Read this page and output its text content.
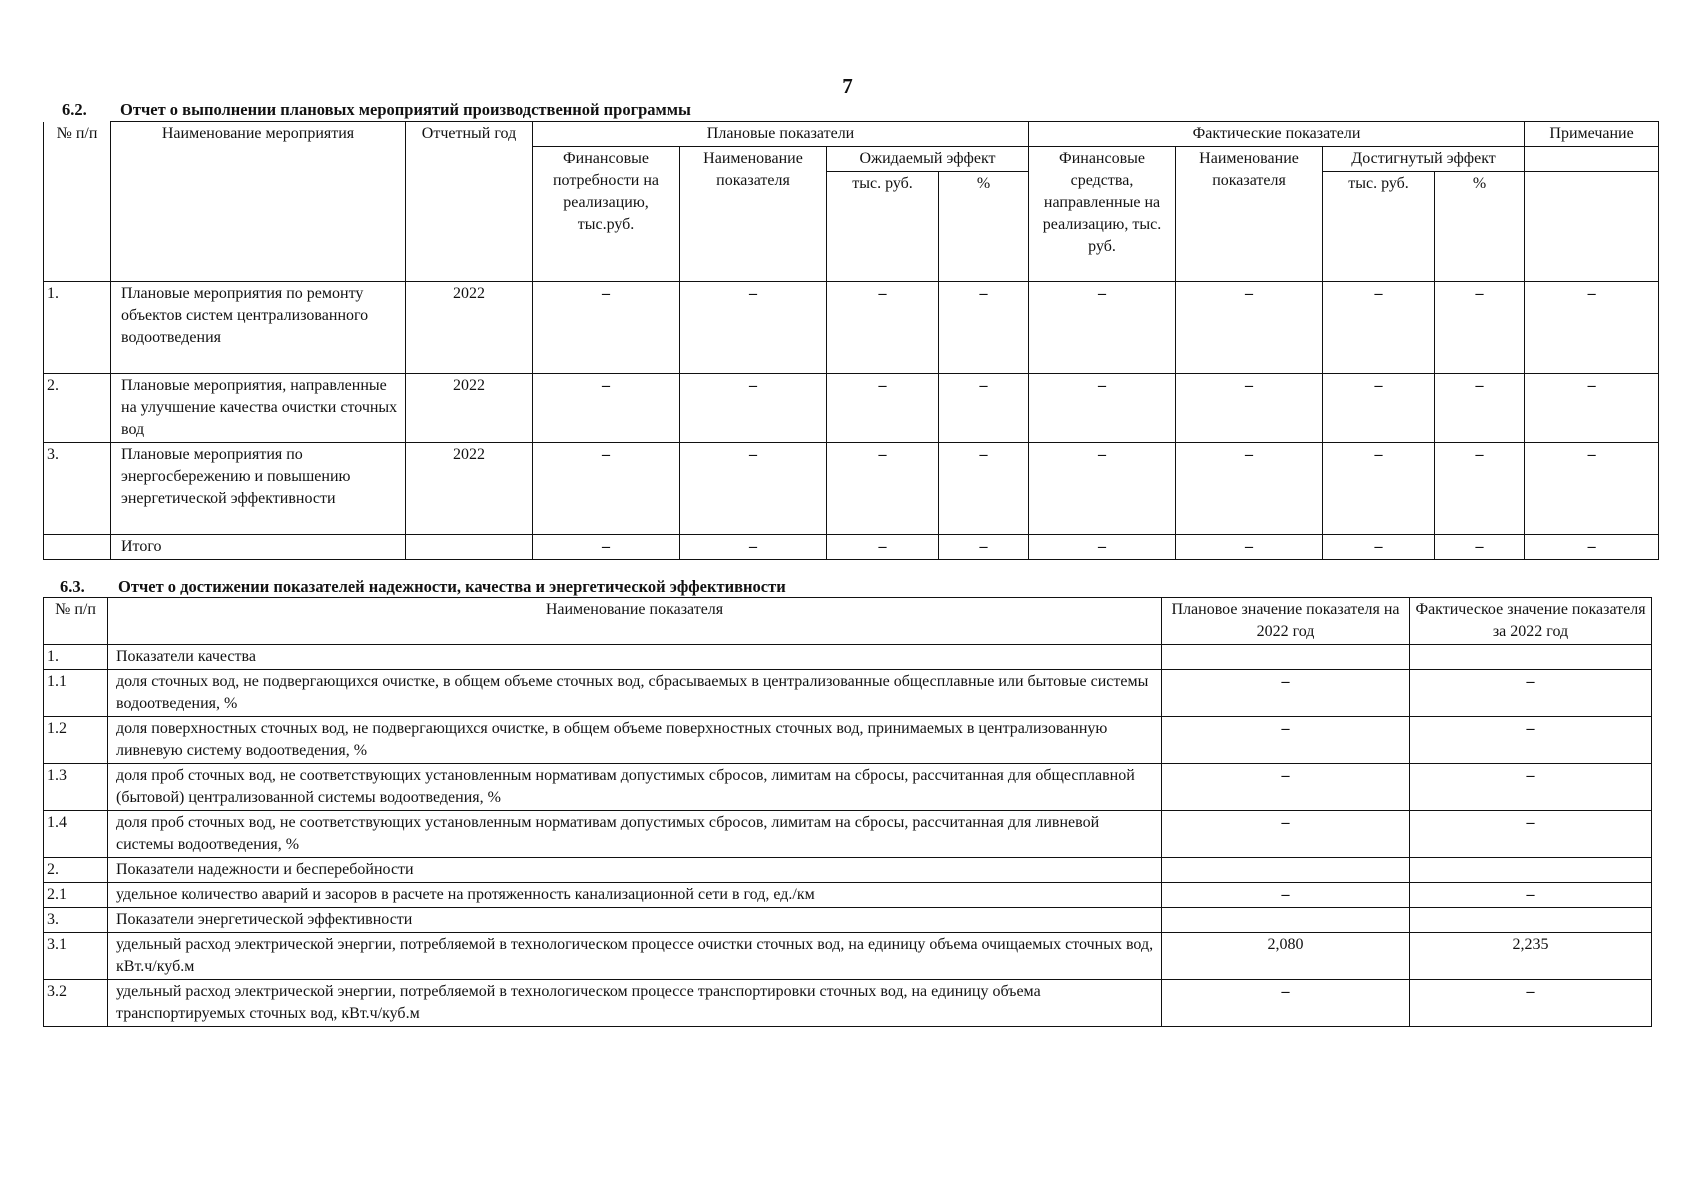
7
6.2. Отчет о выполнении плановых мероприятий производственной программы
№ п/п	Наименование мероприятия	Отчетный год	Плановые показатели				Фактические показатели				Примечание
			Финансовые потребности на реализацию, тыс.руб.	Наименование показателя	Ожидаемый эффект		Финансовые средства, направленные на реализацию, тыс. руб.	Наименование показателя	Достигнутый эффект		
					тыс. руб.	%			тыс. руб.	%	
1.	Плановые мероприятия по ремонту объектов систем централизованного водоотведения	2022	–	–	–	–	–	–	–	–	–
2.	Плановые мероприятия, направленные на улучшение качества очистки сточных вод	2022	–	–	–	–	–	–	–	–	–
3.	Плановые мероприятия по энергосбережению и повышению энергетической эффективности	2022	–	–	–	–	–	–	–	–	–
	Итого		–	–	–	–	–	–	–	–	–
6.3. Отчет о достижении показателей надежности, качества и энергетической эффективности
№ п/п	Наименование показателя	Плановое значение показателя на 2022 год	Фактическое значение показателя за 2022 год
1.	Показатели качества		
1.1	доля сточных вод, не подвергающихся очистке, в общем объеме сточных вод, сбрасываемых в централизованные общесплавные или бытовые системы водоотведения, %	–	–
1.2	доля поверхностных сточных вод, не подвергающихся очистке, в общем объеме поверхностных сточных вод, принимаемых в централизованную ливневую систему водоотведения, %	–	–
1.3	доля проб сточных вод, не соответствующих установленным нормативам допустимых сбросов, лимитам на сбросы, рассчитанная для общесплавной (бытовой) централизованной системы водоотведения, %	–	–
1.4	доля проб сточных вод, не соответствующих установленным нормативам допустимых сбросов, лимитам на сбросы, рассчитанная для ливневой системы водоотведения, %	–	–
2.	Показатели надежности и бесперебойности		
2.1	удельное количество аварий и засоров в расчете на протяженность канализационной сети в год, ед./км	–	–
3.	Показатели энергетической эффективности		
3.1	удельный расход электрической энергии, потребляемой в технологическом процессе очистки сточных вод, на единицу объема очищаемых сточных вод, кВт.ч/куб.м	2,080	2,235
3.2	удельный расход электрической энергии, потребляемой в технологическом процессе транспортировки сточных вод, на единицу объема транспортируемых сточных вод, кВт.ч/куб.м	–	–
